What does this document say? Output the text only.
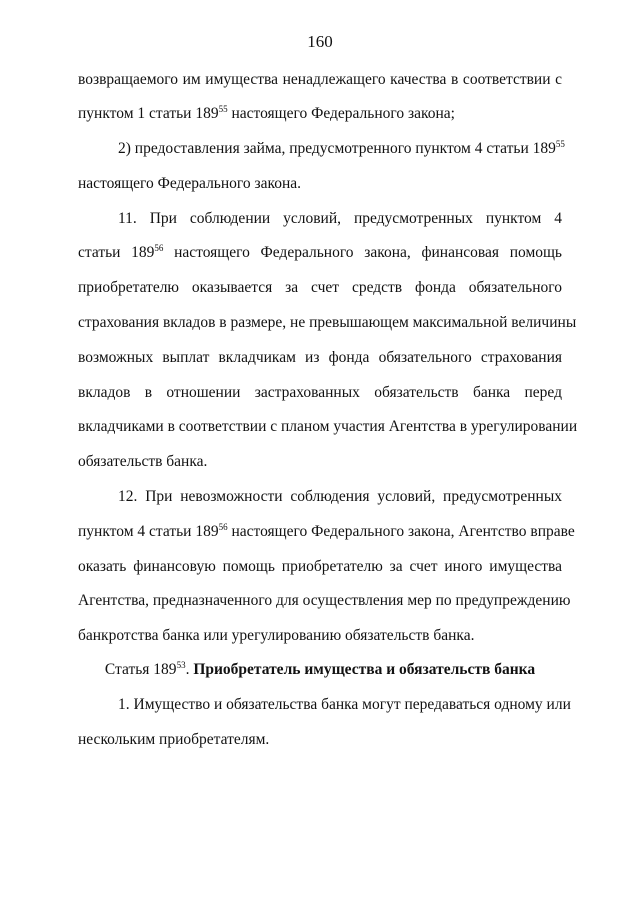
160

возвращаемого им имущества ненадлежащего качества в соответствии с

пунктом 1 статьи $189^{55}$ настоящего Федерального закона;

2) предоставления займа, предусмотренного пунктом 4 статьи $189^{55}$

настоящего Федерального закона.

11. При соблюдении условий, предусмотренных пунктом 4

статьи $189^{56}$ настоящего Федерального закона, финансовая помощь

приобретателю оказывается за счет средств фонда обязательного

страхования вкладов в размере, не превышающем максимальной величины

возможных выплат вкладчикам из фонда обязательного страхования

вкладов в отношении застрахованных обязательств банка перед

вкладчиками в соответствии с планом участия Агентства в урегулировании

обязательств банка.

12. При невозможности соблюдения условий, предусмотренных

пунктом 4 статьи $189^{56}$ настоящего Федерального закона, Агентство вправе

оказать финансовую помощь приобретателю за счет иного имущества

Агентства, предназначенного для осуществления мер по предупреждению

банкротства банка или урегулированию обязательств банка.

Статья $189^{53}$. Приобретатель имущества и обязательств банка

1. Имущество и обязательства банка могут передаваться одному или

нескольким приобретателям.
